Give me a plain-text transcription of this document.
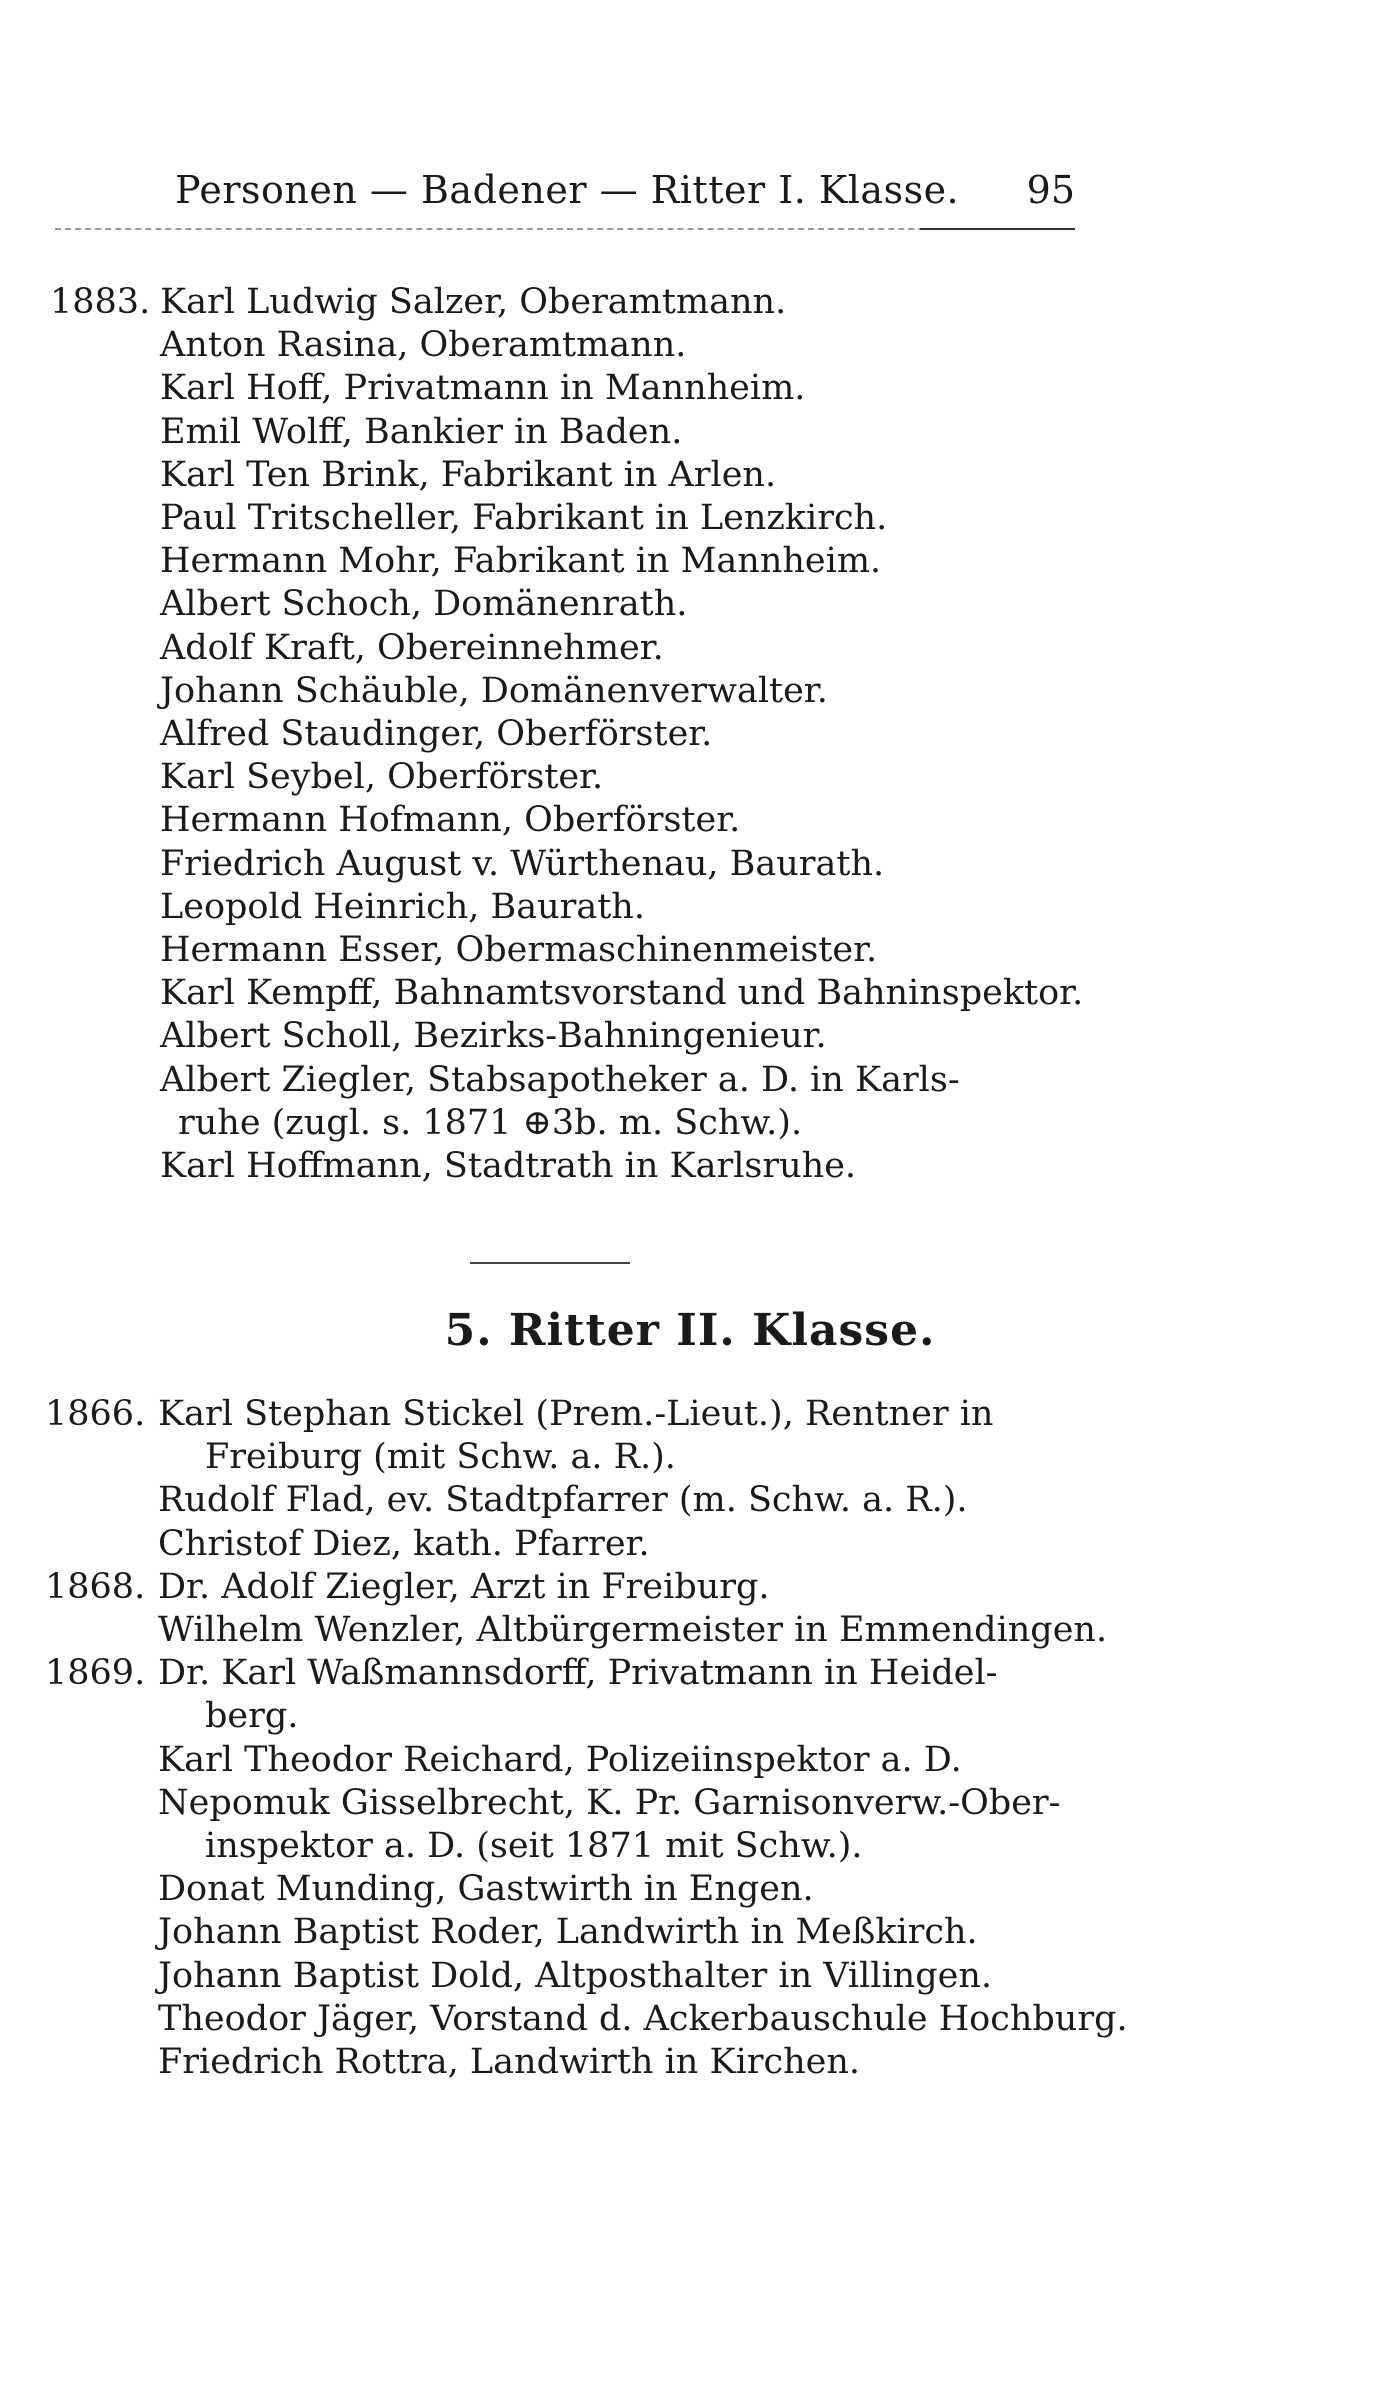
Personen — Badener — Ritter I. Klasse. 95
1883. Karl Ludwig Salzer, Oberamtmann.
Anton Rasina, Oberamtmann.
Karl Hoff, Privatmann in Mannheim.
Emil Wolff, Bankier in Baden.
Karl Ten Brink, Fabrikant in Arlen.
Paul Tritscheller, Fabrikant in Lenzkirch.
Hermann Mohr, Fabrikant in Mannheim.
Albert Schoch, Domänenrath.
Adolf Kraft, Obereinnehmer.
Johann Schäuble, Domänenverwalter.
Alfred Staudinger, Oberförster.
Karl Seybel, Oberförster.
Hermann Hofmann, Oberförster.
Friedrich August v. Würthenau, Baurath.
Leopold Heinrich, Baurath.
Hermann Esser, Obermaschinenmeister.
Karl Kempff, Bahnamtsvorstand und Bahninspektor.
Albert Scholl, Bezirks-Bahningenieur.
Albert Ziegler, Stabsapotheker a. D. in Karls-
ruhe (zugl. s. 1871 ⊕3b. m. Schw.).
Karl Hoffmann, Stadtrath in Karlsruhe.
5. Ritter II. Klasse.
1866. Karl Stephan Stickel (Prem.-Lieut.), Rentner in
Freiburg (mit Schw. a. R.).
Rudolf Flad, ev. Stadtpfarrer (m. Schw. a. R.).
Christof Diez, kath. Pfarrer.
1868. Dr. Adolf Ziegler, Arzt in Freiburg.
Wilhelm Wenzler, Altbürgermeister in Emmendingen.
1869. Dr. Karl Waßmannsdorff, Privatmann in Heidel-
berg.
Karl Theodor Reichard, Polizeiinspektor a. D.
Nepomuk Gisselbrecht, K. Pr. Garnisonverw.-Ober-
inspektor a. D. (seit 1871 mit Schw.).
Donat Munding, Gastwirth in Engen.
Johann Baptist Roder, Landwirth in Meßkirch.
Johann Baptist Dold, Altposthalter in Villingen.
Theodor Jäger, Vorstand d. Ackerbauschule Hochburg.
Friedrich Rottra, Landwirth in Kirchen.
